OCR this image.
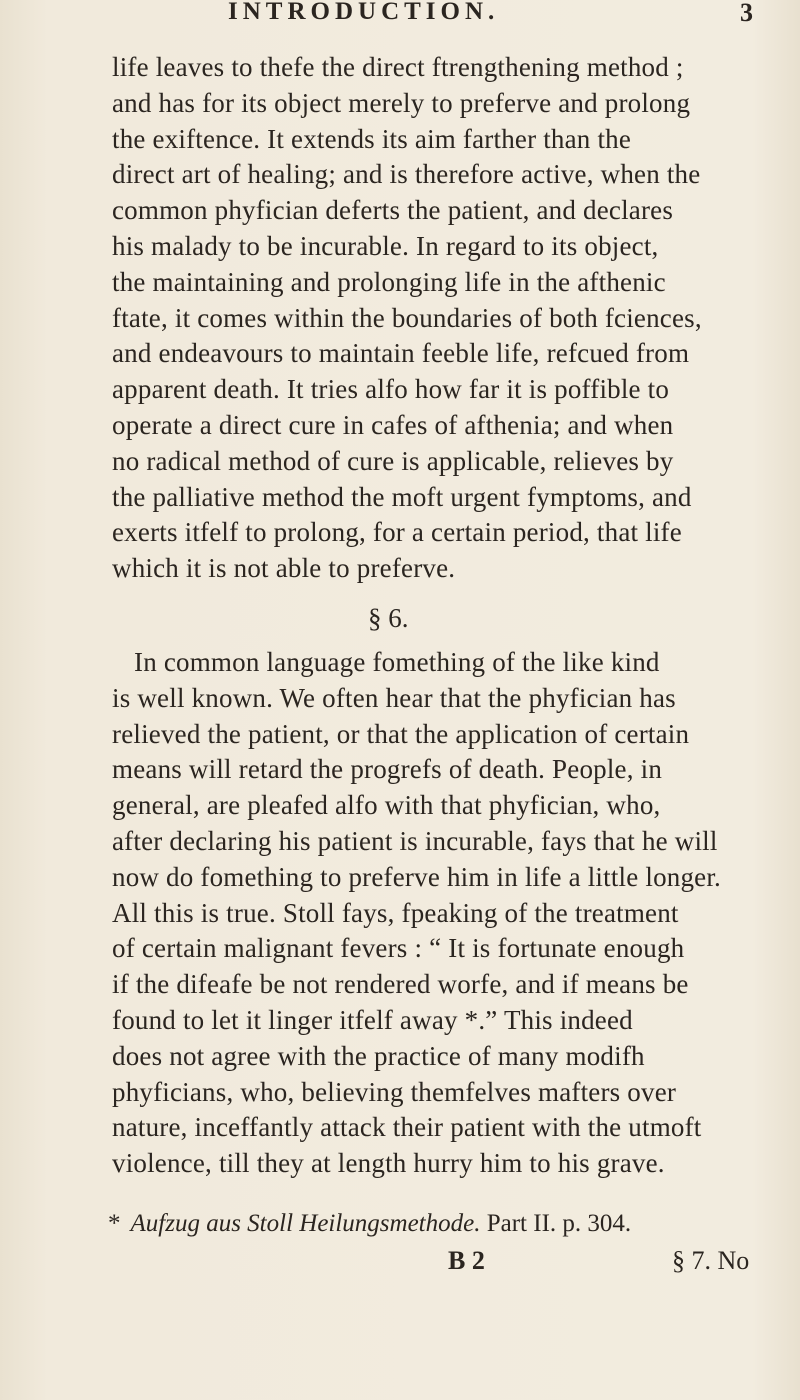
INTRODUCTION.	3
life leaves to thefe the direct ftrengthening method ;
and has for its object merely to preferve and prolong
the exiftence. It extends its aim farther than the
direct art of healing; and is therefore active, when the
common phyfician deferts the patient, and declares
his malady to be incurable. In regard to its object,
the maintaining and prolonging life in the afthenic
ftate, it comes within the boundaries of both fciences,
and endeavours to maintain feeble life, refcued from
apparent death. It tries alfo how far it is poffible to
operate a direct cure in cafes of afthenia; and when
no radical method of cure is applicable, relieves by
the palliative method the moft urgent fymptoms, and
exerts itfelf to prolong, for a certain period, that life
which it is not able to preferve.
§ 6.
In common language fomething of the like kind
is well known. We often hear that the phyfician has
relieved the patient, or that the application of certain
means will retard the progrefs of death. People, in
general, are pleafed alfo with that phyfician, who,
after declaring his patient is incurable, fays that he will
now do fomething to preferve him in life a little longer.
All this is true. Stoll fays, fpeaking of the treatment
of certain malignant fevers : “ It is fortunate enough
if the difeafe be not rendered worfe, and if means be
found to let it linger itfelf away *.” This indeed
does not agree with the practice of many modifh
phyficians, who, believing themfelves mafters over
nature, inceffantly attack their patient with the utmoft
violence, till they at length hurry him to his grave.
* Aufzug aus Stoll Heilungsmethode. Part II. p. 304.
B 2	§ 7. No
